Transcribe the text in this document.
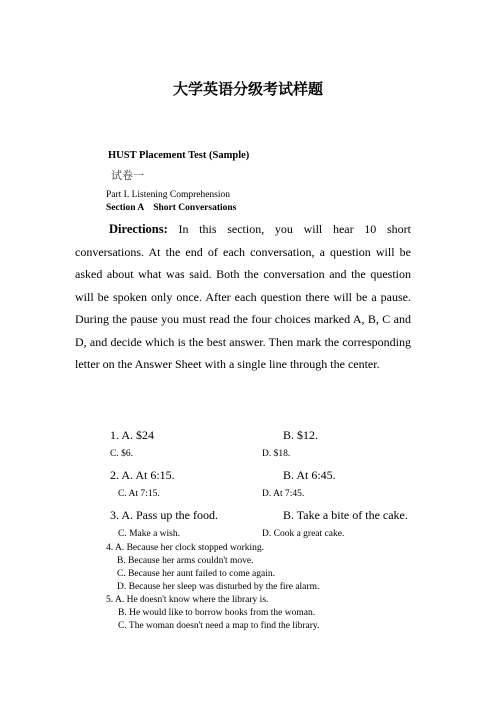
大学英语分级考试样题
HUST Placement Test (Sample)
试卷一
Part I. Listening Comprehension
Section A    Short Conversations
Directions: In this section, you will hear 10 short conversations. At the end of each conversation, a question will be asked about what was said. Both the conversation and the question will be spoken only once. After each question there will be a pause. During the pause you must read the four choices marked A, B, C and D, and decide which is the best answer. Then mark the corresponding letter on the Answer Sheet with a single line through the center.
1. A. $24	B. $12.
C. $6.	D. $18.
2. A. At 6:15.	B. At 6:45.
C. At 7:15.	D. At 7:45.
3. A. Pass up the food.	B. Take a bite of the cake.
C. Make a wish.	D. Cook a great cake.
4. A. Because her clock stopped working.
B. Because her arms couldn't move.
C. Because her aunt failed to come again.
D. Because her sleep was disturbed by the fire alarm.
5. A. He doesn't know where the library is.
B. He would like to borrow books from the woman.
C. The woman doesn't need a map to find the library.
